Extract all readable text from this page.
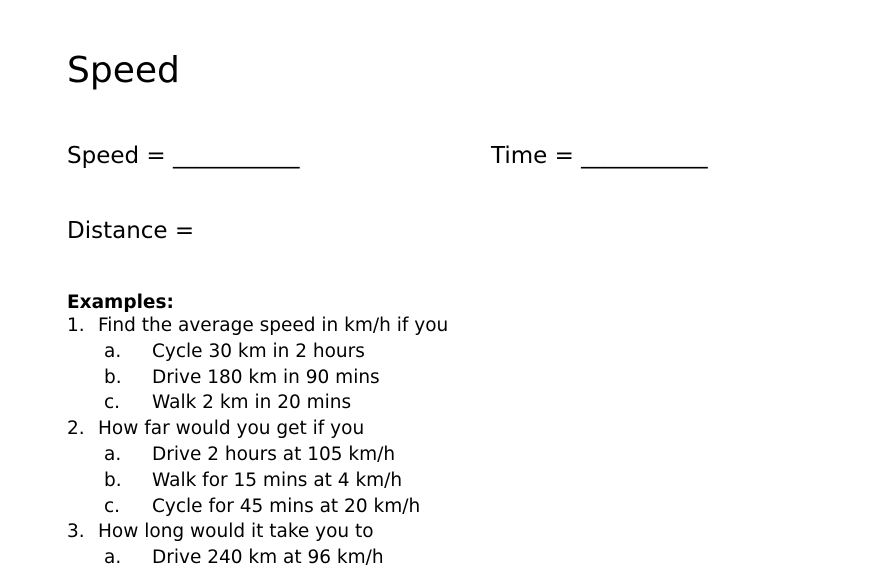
Speed
Speed = ___________	Time = ___________
Distance =
Examples:
1. Find the average speed in km/h if you
a.	Cycle 30 km in 2 hours
b.	Drive 180 km in 90 mins
c.	Walk 2 km in 20 mins
2. How far would you get if you
a.	Drive 2 hours at 105 km/h
b.	Walk for 15 mins at 4 km/h
c.	Cycle for 45 mins at 20 km/h
3. How long would it take you to
a.	Drive 240 km at 96 km/h
